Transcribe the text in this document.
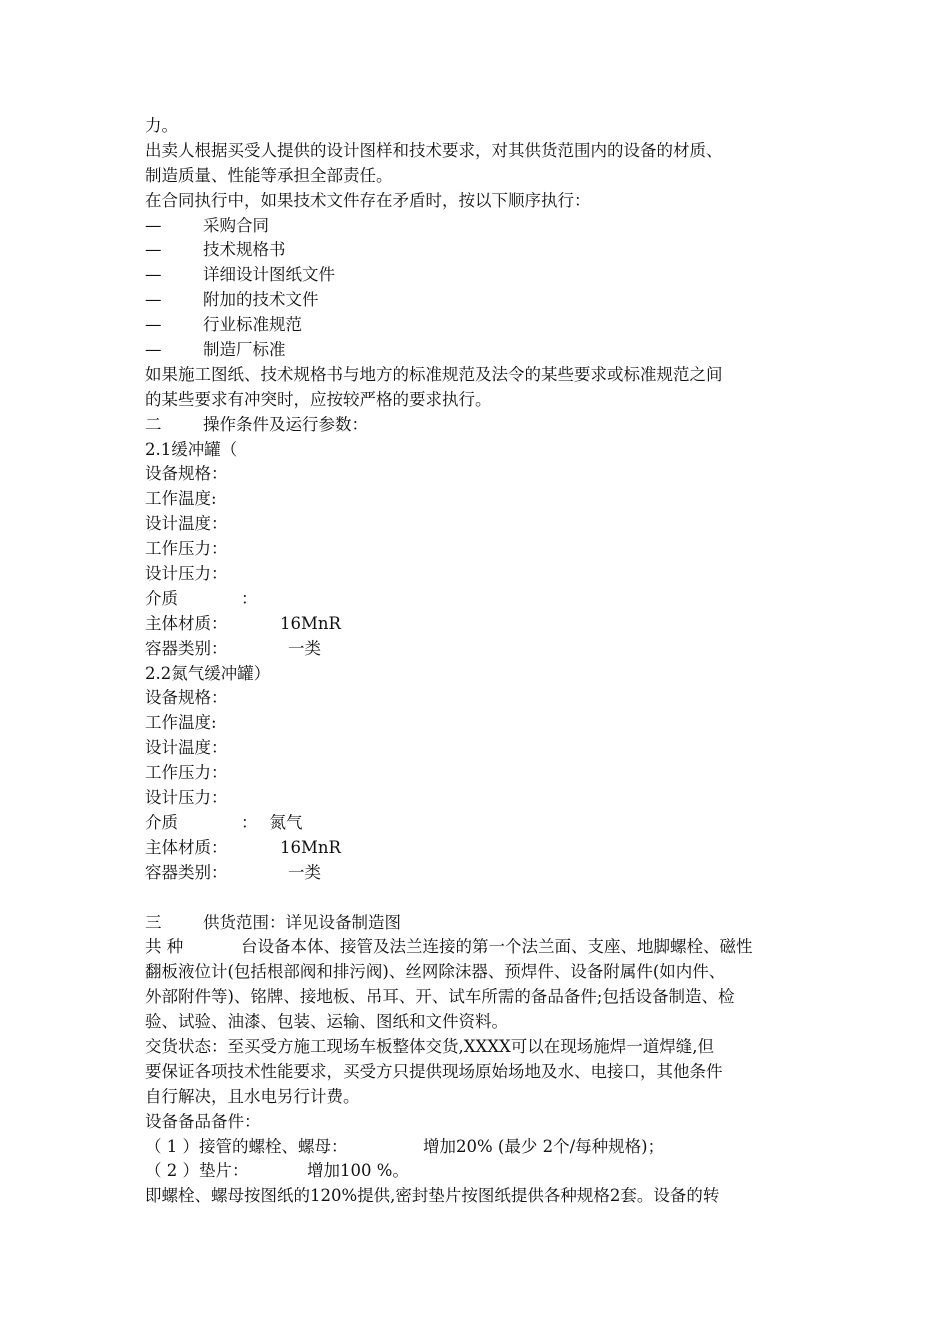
力。
出卖人根据买受人提供的设计图样和技术要求，对其供货范围内的设备的材质、
制造质量、性能等承担全部责任。
在合同执行中，如果技术文件存在矛盾时，按以下顺序执行：
—	采购合同
—	技术规格书
—	详细设计图纸文件
—	附加的技术文件
—	行业标准规范
—	制造厂标准
如果施工图纸、技术规格书与地方的标准规范及法令的某些要求或标准规范之间
的某些要求有冲突时，应按较严格的要求执行。
二	操作条件及运行参数：
2.1缓冲罐（
设备规格：
工作温度:
设计温度：
工作压力：
设计压力：
介质	：
主体材质：	16MnR
容器类别：	一类
2.2氮气缓冲罐）
设备规格：
工作温度:
设计温度：
工作压力：
设计压力：
介质	： 氮气
主体材质：	16MnR
容器类别：	一类
三	供货范围：详见设备制造图
共 种	台设备本体、接管及法兰连接的第一个法兰面、支座、地脚螺栓、磁性
翻板液位计(包括根部阀和排污阀)、丝网除沫器、预焊件、设备附属件(如内件、
外部附件等)、铭牌、接地板、吊耳、开、试车所需的备品备件;包括设备制造、检
验、试验、油漆、包装、运输、图纸和文件资料。
交货状态：至买受方施工现场车板整体交货,XXXX可以在现场施焊一道焊缝,但
要保证各项技术性能要求，买受方只提供现场原始场地及水、电接口，其他条件
自行解决，且水电另行计费。
设备备品备件：
（ 1 ）接管的螺栓、螺母：	增加20% (最少 2个/每种规格)；
（ 2 ）垫片：	增加100 %。
即螺栓、螺母按图纸的120%提供,密封垫片按图纸提供各种规格2套。设备的转
